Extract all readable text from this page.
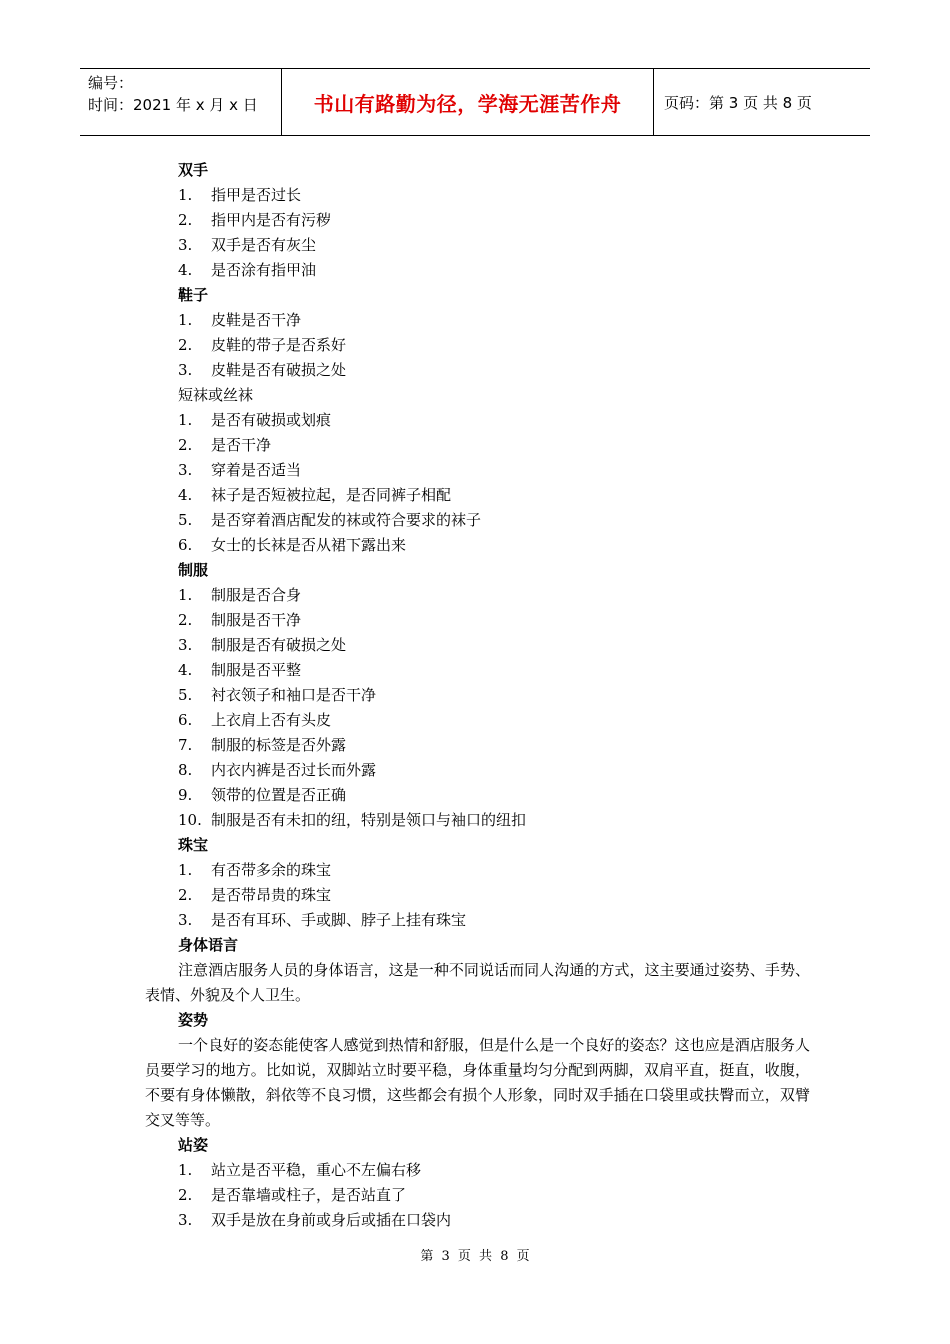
编号：
时间：2021 年 x 月 x 日	书山有路勤为径，学海无涯苦作舟	页码：第 3 页 共 8 页
双手
1.	指甲是否过长
2.	指甲内是否有污秽
3.	双手是否有灰尘
4.	是否涂有指甲油
鞋子
1.	皮鞋是否干净
2.	皮鞋的带子是否系好
3.	皮鞋是否有破损之处
短袜或丝袜
1.	是否有破损或划痕
2.	是否干净
3.	穿着是否适当
4.	袜子是否短被拉起，是否同裤子相配
5.	是否穿着酒店配发的袜或符合要求的袜子
6.	女士的长袜是否从裙下露出来
制服
1.	制服是否合身
2.	制服是否干净
3.	制服是否有破损之处
4.	制服是否平整
5.	衬衣领子和袖口是否干净
6.	上衣肩上否有头皮
7.	制服的标签是否外露
8.	内衣内裤是否过长而外露
9.	领带的位置是否正确
10. 制服是否有未扣的纽，特别是领口与袖口的纽扣
珠宝
1.	有否带多余的珠宝
2.	是否带昂贵的珠宝
3.	是否有耳环、手或脚、脖子上挂有珠宝
身体语言

注意酒店服务人员的身体语言，这是一种不同说话而同人沟通的方式，这主要通过姿势、手势、表情、外貌及个人卫生。

姿势

一个良好的姿态能使客人感觉到热情和舒服，但是什么是一个良好的姿态？这也应是酒店服务人员要学习的地方。比如说，双脚站立时要平稳，身体重量均匀分配到两脚，双肩平直，挺直，收腹，不要有身体懒散，斜依等不良习惯，这些都会有损个人形象，同时双手插在口袋里或扶臀而立，双臂交叉等等。

站姿
1.	站立是否平稳，重心不左偏右移
2.	是否靠墙或柱子，是否站直了
3.	双手是放在身前或身后或插在口袋内
第 3 页 共 8 页
